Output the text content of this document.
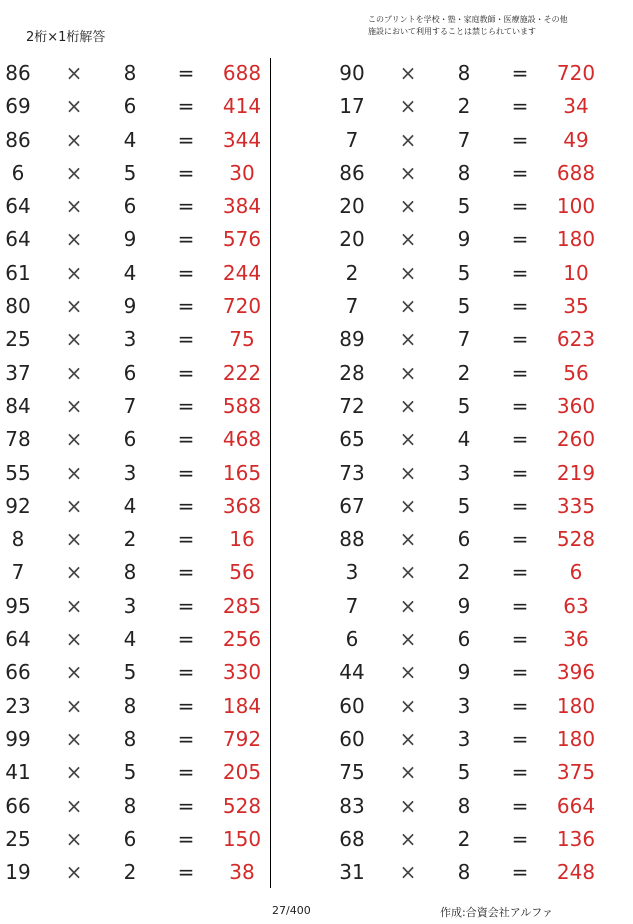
2桁×1桁解答
このプリントを学校・塾・家庭教師・医療施設・その他
施設において利用することは禁じられています
86 ×	8	=	688
69 ×	6	=	414
86 ×	4	=	344
6	×	5	=	30
64 ×	6	=	384
64 ×	9	=	576
61 ×	4	=	244
80 ×	9	=	720
25 ×	3	=	75
37 ×	6	=	222
84 ×	7	=	588
78 ×	6	=	468
55 ×	3	=	165
92 ×	4	=	368
8	×	2	=	16
7	×	8	=	56
95 ×	3	=	285
64 ×	4	=	256
66 ×	5	=	330
23 ×	8	=	184
99 ×	8	=	792
41 ×	5	=	205
66 ×	8	=	528
25 ×	6	=	150
19 ×	2	=	38
90 ×	8	=	720
17 ×	2	=	34
7	×	7	=	49
86 ×	8	=	688
20 ×	5	=	100
20 ×	9	=	180
2	×	5	=	10
7	×	5	=	35
89 ×	7	=	623
28 ×	2	=	56
72 ×	5	=	360
65 ×	4	=	260
73 ×	3	=	219
67 ×	5	=	335
88 ×	6	=	528
3	×	2	=	6
7	×	9	=	63
6	×	6	=	36
44 ×	9	=	396
60 ×	3	=	180
60 ×	3	=	180
75 ×	5	=	375
83 ×	8	=	664
68 ×	2	=	136
31 ×	8	=	248
27/400	作成:合資会社アルファ
